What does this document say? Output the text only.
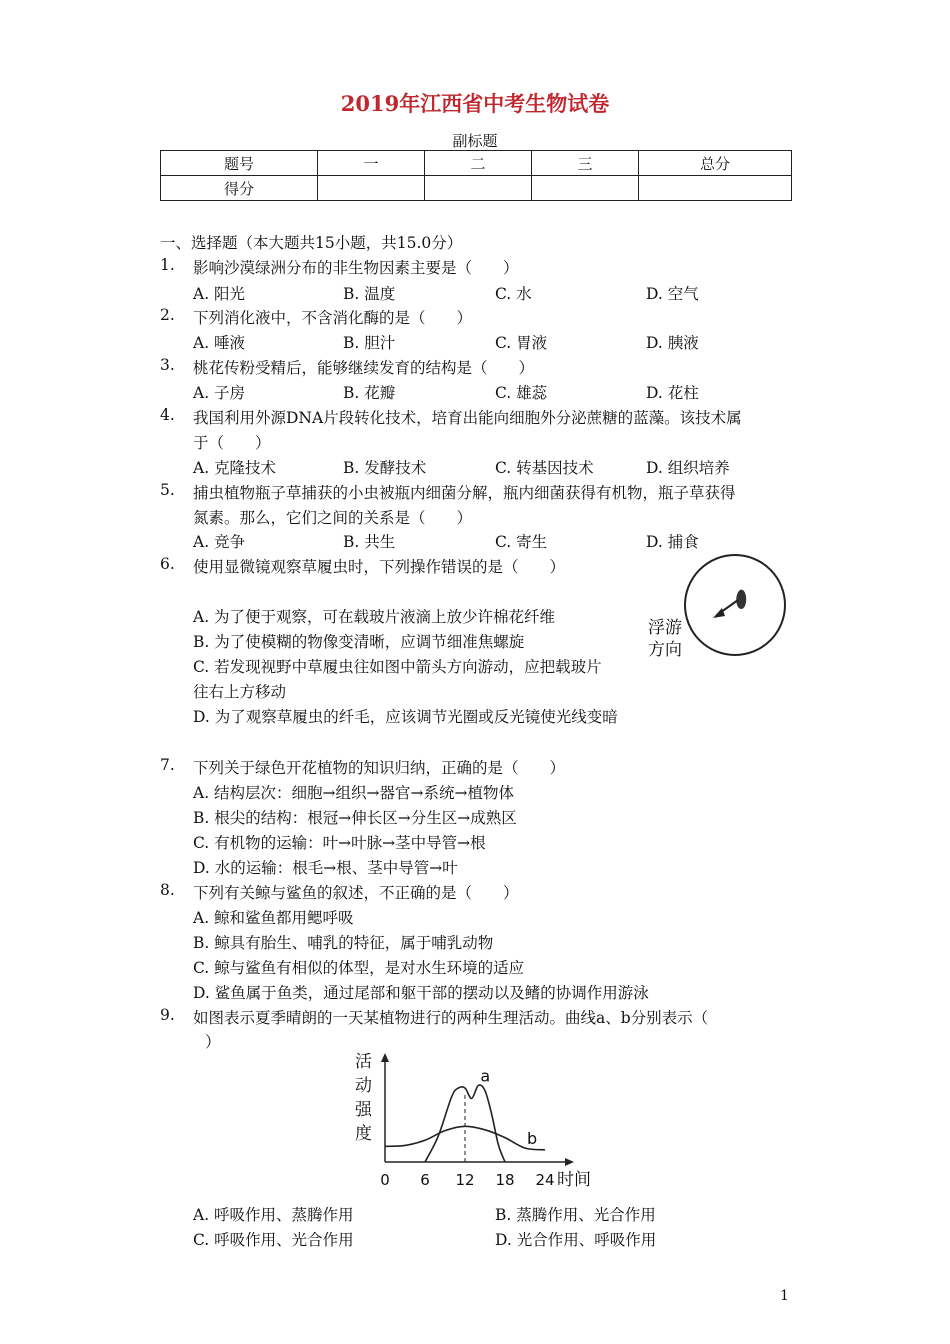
2019年江西省中考生物试卷
副标题
题号	一	二	三	总分
得分				
一、选择题（本大题共15小题，共15.0分）
1. 影响沙漠绿洲分布的非生物因素主要是（　　）
A. 阳光	B. 温度	C. 水	D. 空气
2. 下列消化液中，不含消化酶的是（　　）
A. 唾液	B. 胆汁	C. 胃液	D. 胰液
3. 桃花传粉受精后，能够继续发育的结构是（　　）
A. 子房	B. 花瓣	C. 雄蕊	D. 花柱
4. 我国利用外源DNA片段转化技术，培育出能向细胞外分泌蔗糖的蓝藻。该技术属
于（　　）
A. 克隆技术	B. 发酵技术	C. 转基因技术	D. 组织培养
5. 捕虫植物瓶子草捕获的小虫被瓶内细菌分解，瓶内细菌获得有机物，瓶子草获得
氮素。那么，它们之间的关系是（　　）
A. 竞争	B. 共生	C. 寄生	D. 捕食
6. 使用显微镜观察草履虫时，下列操作错误的是（　　）
A. 为了便于观察，可在载玻片液滴上放少许棉花纤维
B. 为了使模糊的物像变清晰，应调节细准焦螺旋
C. 若发现视野中草履虫往如图中箭头方向游动，应把载玻片
往右上方移动
D. 为了观察草履虫的纤毛，应该调节光圈或反光镜使光线变暗
浮游
方向
7. 下列关于绿色开花植物的知识归纳，正确的是（　　）
A. 结构层次：细胞→组织→器官→系统→植物体
B. 根尖的结构：根冠→伸长区→分生区→成熟区
C. 有机物的运输：叶→叶脉→茎中导管→根
D. 水的运输：根毛→根、茎中导管→叶
8. 下列有关鲸与鲨鱼的叙述，不正确的是（　　）
A. 鲸和鲨鱼都用鳃呼吸
B. 鲸具有胎生、哺乳的特征，属于哺乳动物
C. 鲸与鲨鱼有相似的体型，是对水生环境的适应
D. 鲨鱼属于鱼类，通过尾部和躯干部的摆动以及鳍的协调作用游泳
9. 如图表示夏季晴朗的一天某植物进行的两种生理活动。曲线a、b分别表示（
）
活
动
强
度
0 6 12 18 24
a
b
时间
A. 呼吸作用、蒸腾作用	B. 蒸腾作用、光合作用
C. 呼吸作用、光合作用	D. 光合作用、呼吸作用
1
